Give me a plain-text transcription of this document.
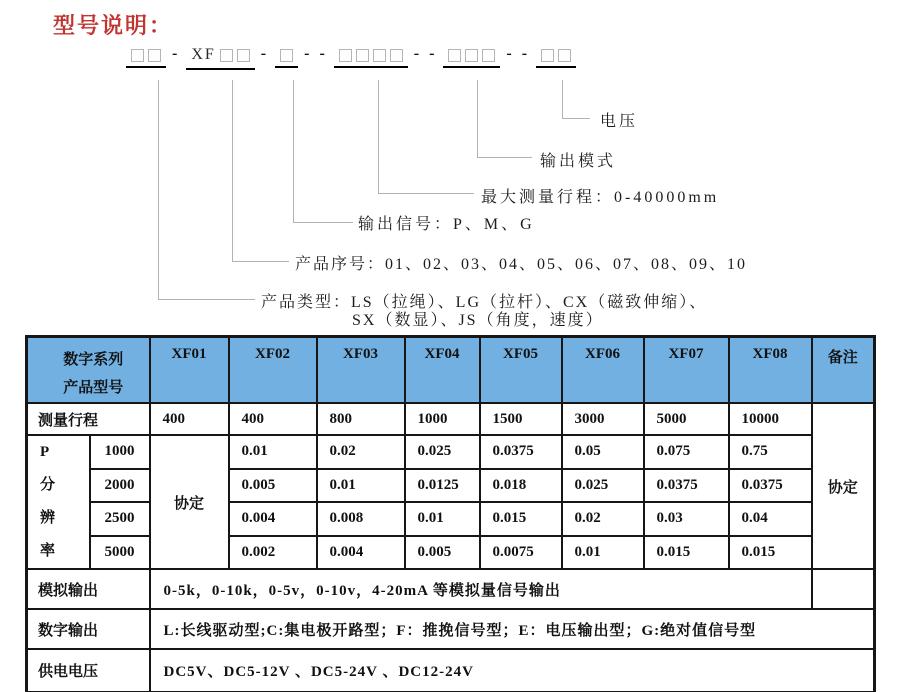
型号说明：
- XF	-	- -	- -	- -
电压
输出模式
最大测量行程：0-40000mm
输出信号：P、M、G
产品序号：01、02、03、04、05、06、07、08、09、10
产品类型：LS（拉绳）、LG（拉杆）、CX（磁致伸缩）、
SX（数显）、JS（角度，速度）
数字系列
产品型号		XF01	XF02	XF03	XF04	XF05	XF06	XF07	XF08	备注
测量行程		400	400	800	1000	1500	3000	5000	10000	协定

P
分
辨
率	1000	协定	0.01	0.02	0.025	0.0375	0.05	0.075	0.75	
	2000		0.005	0.01	0.0125	0.018	0.025	0.0375	0.0375	
	2500		0.004	0.008	0.01	0.015	0.02	0.03	0.04	
	5000		0.002	0.004	0.005	0.0075	0.01	0.015	0.015	
模拟输出		0-5k，0-10k，0-5v，0-10v，4-20mA 等模拟量信号输出								
数字输出		L:长线驱动型;C:集电极开路型；F：推挽信号型；E：电压输出型；G:绝对值信号型								
供电电压		DC5V、DC5-12V 、DC5-24V 、DC12-24V								
